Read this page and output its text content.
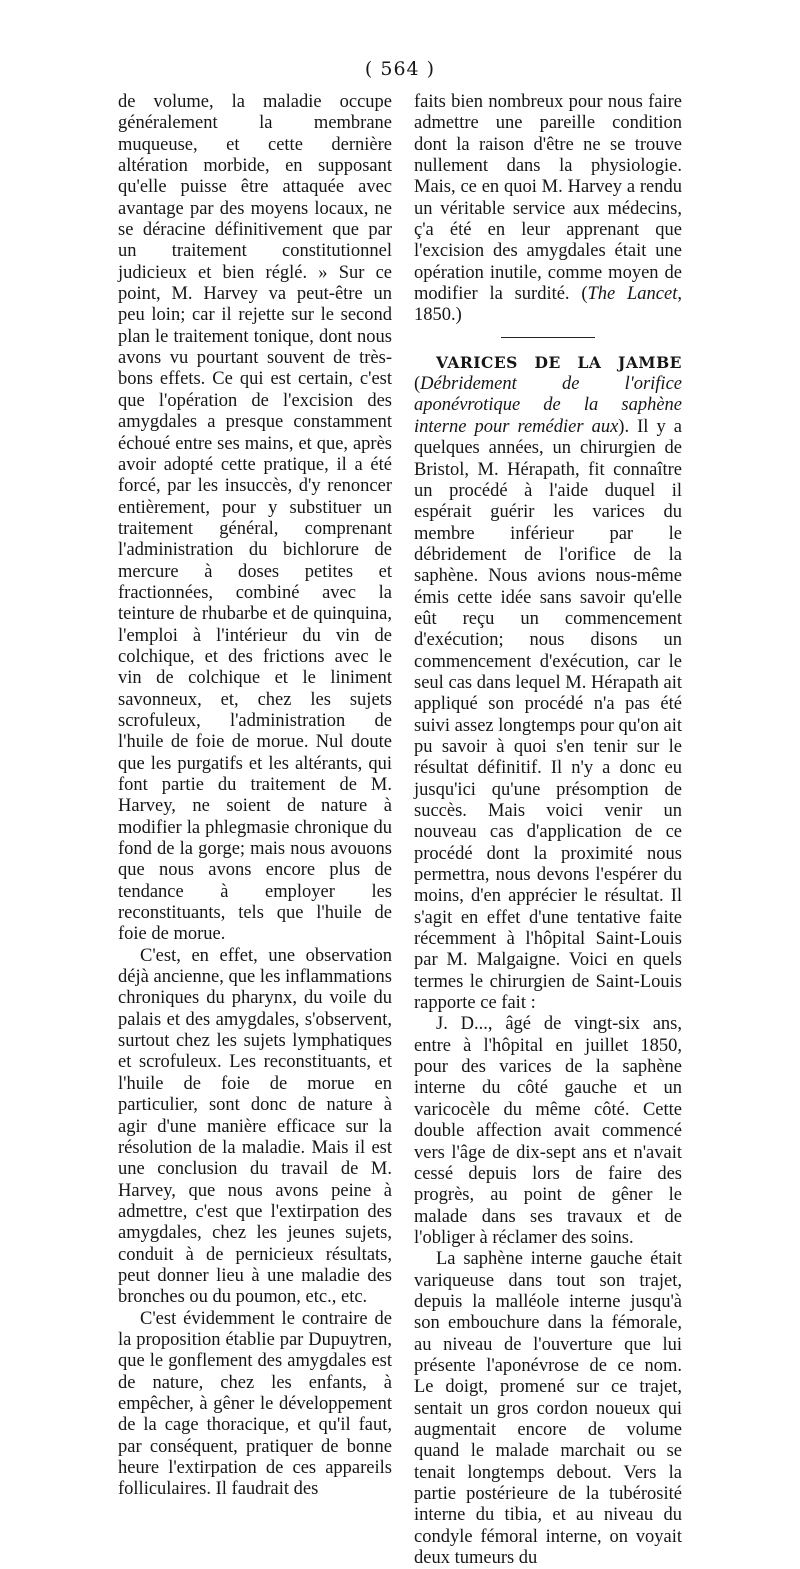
( 564 )

de volume, la maladie occupe généralement la membrane muqueuse, et cette dernière altération morbide, en supposant qu'elle puisse être attaquée avec avantage par des moyens locaux, ne se déracine définitivement que par un traitement constitutionnel judicieux et bien réglé. » Sur ce point, M. Harvey va peut-être un peu loin; car il rejette sur le second plan le traitement tonique, dont nous avons vu pourtant souvent de très-bons effets. Ce qui est certain, c'est que l'opération de l'excision des amygdales a presque constamment échoué entre ses mains, et que, après avoir adopté cette pratique, il a été forcé, par les insuccès, d'y renoncer entièrement, pour y substituer un traitement général, comprenant l'administration du bichlorure de mercure à doses petites et fractionnées, combiné avec la teinture de rhubarbe et de quinquina, l'emploi à l'intérieur du vin de colchique, et des frictions avec le vin de colchique et le liniment savonneux, et, chez les sujets scrofuleux, l'administration de l'huile de foie de morue. Nul doute que les purgatifs et les altérants, qui font partie du traitement de M. Harvey, ne soient de nature à modifier la phlegmasie chronique du fond de la gorge; mais nous avouons que nous avons encore plus de tendance à employer les reconstituants, tels que l'huile de foie de morue.

C'est, en effet, une observation déjà ancienne, que les inflammations chroniques du pharynx, du voile du palais et des amygdales, s'observent, surtout chez les sujets lymphatiques et scrofuleux. Les reconstituants, et l'huile de foie de morue en particulier, sont donc de nature à agir d'une manière efficace sur la résolution de la maladie. Mais il est une conclusion du travail de M. Harvey, que nous avons peine à admettre, c'est que l'extirpation des amygdales, chez les jeunes sujets, conduit à de pernicieux résultats, peut donner lieu à une maladie des bronches ou du poumon, etc., etc.

C'est évidemment le contraire de la proposition établie par Dupuytren, que le gonflement des amygdales est de nature, chez les enfants, à empêcher, à gêner le développement de la cage thoracique, et qu'il faut, par conséquent, pratiquer de bonne heure l'extirpation de ces appareils folliculaires. Il faudrait des

faits bien nombreux pour nous faire admettre une pareille condition dont la raison d'être ne se trouve nullement dans la physiologie. Mais, ce en quoi M. Harvey a rendu un véritable service aux médecins, ç'a été en leur apprenant que l'excision des amygdales était une opération inutile, comme moyen de modifier la surdité. (The Lancet, 1850.)

VARICES DE LA JAMBE (Débridement de l'orifice aponévrotique de la saphène interne pour remédier aux). Il y a quelques années, un chirurgien de Bristol, M. Hérapath, fit connaître un procédé à l'aide duquel il espérait guérir les varices du membre inférieur par le débridement de l'orifice de la saphène. Nous avions nous-même émis cette idée sans savoir qu'elle eût reçu un commencement d'exécution; nous disons un commencement d'exécution, car le seul cas dans lequel M. Hérapath ait appliqué son procédé n'a pas été suivi assez longtemps pour qu'on ait pu savoir à quoi s'en tenir sur le résultat définitif. Il n'y a donc eu jusqu'ici qu'une présomption de succès. Mais voici venir un nouveau cas d'application de ce procédé dont la proximité nous permettra, nous devons l'espérer du moins, d'en apprécier le résultat. Il s'agit en effet d'une tentative faite récemment à l'hôpital Saint-Louis par M. Malgaigne. Voici en quels termes le chirurgien de Saint-Louis rapporte ce fait :

J. D..., âgé de vingt-six ans, entre à l'hôpital en juillet 1850, pour des varices de la saphène interne du côté gauche et un varicocèle du même côté. Cette double affection avait commencé vers l'âge de dix-sept ans et n'avait cessé depuis lors de faire des progrès, au point de gêner le malade dans ses travaux et de l'obliger à réclamer des soins.

La saphène interne gauche était variqueuse dans tout son trajet, depuis la malléole interne jusqu'à son embouchure dans la fémorale, au niveau de l'ouverture que lui présente l'aponévrose de ce nom. Le doigt, promené sur ce trajet, sentait un gros cordon noueux qui augmentait encore de volume quand le malade marchait ou se tenait longtemps debout. Vers la partie postérieure de la tubérosité interne du tibia, et au niveau du condyle fémoral interne, on voyait deux tumeurs du
